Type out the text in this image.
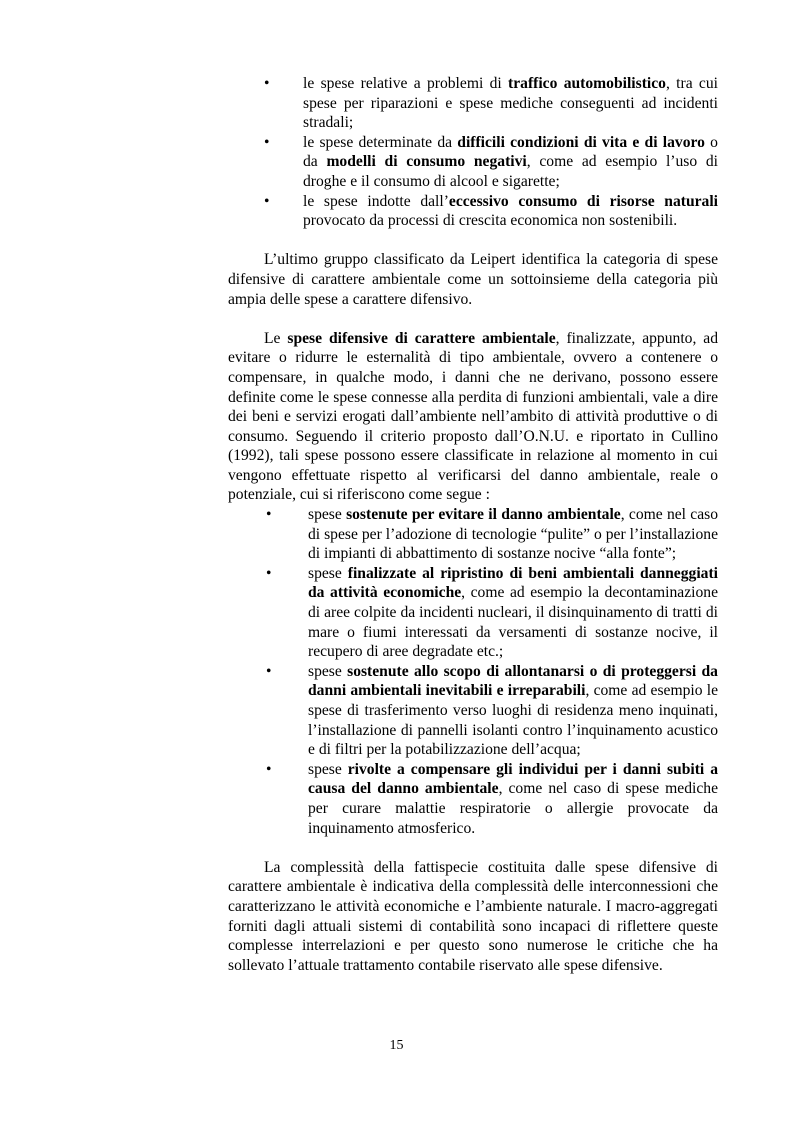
• le spese relative a problemi di traffico automobilistico, tra cui spese per riparazioni e spese mediche conseguenti ad incidenti stradali;
• le spese determinate da difficili condizioni di vita e di lavoro o da modelli di consumo negativi, come ad esempio l’uso di droghe e il consumo di alcool e sigarette;
• le spese indotte dall’eccessivo consumo di risorse naturali provocato da processi di crescita economica non sostenibili.

L’ultimo gruppo classificato da Leipert identifica la categoria di spese difensive di carattere ambientale come un sottoinsieme della categoria più ampia delle spese a carattere difensivo.

Le spese difensive di carattere ambientale, finalizzate, appunto, ad evitare o ridurre le esternalità di tipo ambientale, ovvero a contenere o compensare, in qualche modo, i danni che ne derivano, possono essere definite come le spese connesse alla perdita di funzioni ambientali, vale a dire dei beni e servizi erogati dall’ambiente nell’ambito di attività produttive o di consumo. Seguendo il criterio proposto dall’O.N.U. e riportato in Cullino (1992), tali spese possono essere classificate in relazione al momento in cui vengono effettuate rispetto al verificarsi del danno ambientale, reale o potenziale, cui si riferiscono come segue :

• spese sostenute per evitare il danno ambientale, come nel caso di spese per l’adozione di tecnologie “pulite” o per l’installazione di impianti di abbattimento di sostanze nocive “alla fonte”;
• spese finalizzate al ripristino di beni ambientali danneggiati da attività economiche, come ad esempio la decontaminazione di aree colpite da incidenti nucleari, il disinquinamento di tratti di mare o fiumi interessati da versamenti di sostanze nocive, il recupero di aree degradate etc.;
• spese sostenute allo scopo di allontanarsi o di proteggersi da danni ambientali inevitabili e irreparabili, come ad esempio le spese di trasferimento verso luoghi di residenza meno inquinati, l’installazione di pannelli isolanti contro l’inquinamento acustico e di filtri per la potabilizzazione dell’acqua;
• spese rivolte a compensare gli individui per i danni subiti a causa del danno ambientale, come nel caso di spese mediche per curare malattie respiratorie o allergie provocate da inquinamento atmosferico.

La complessità della fattispecie costituita dalle spese difensive di carattere ambientale è indicativa della complessità delle interconnessioni che caratterizzano le attività economiche e l’ambiente naturale. I macro-aggregati forniti dagli attuali sistemi di contabilità sono incapaci di riflettere queste complesse interrelazioni e per questo sono numerose le critiche che ha sollevato l’attuale trattamento contabile riservato alle spese difensive.

15
